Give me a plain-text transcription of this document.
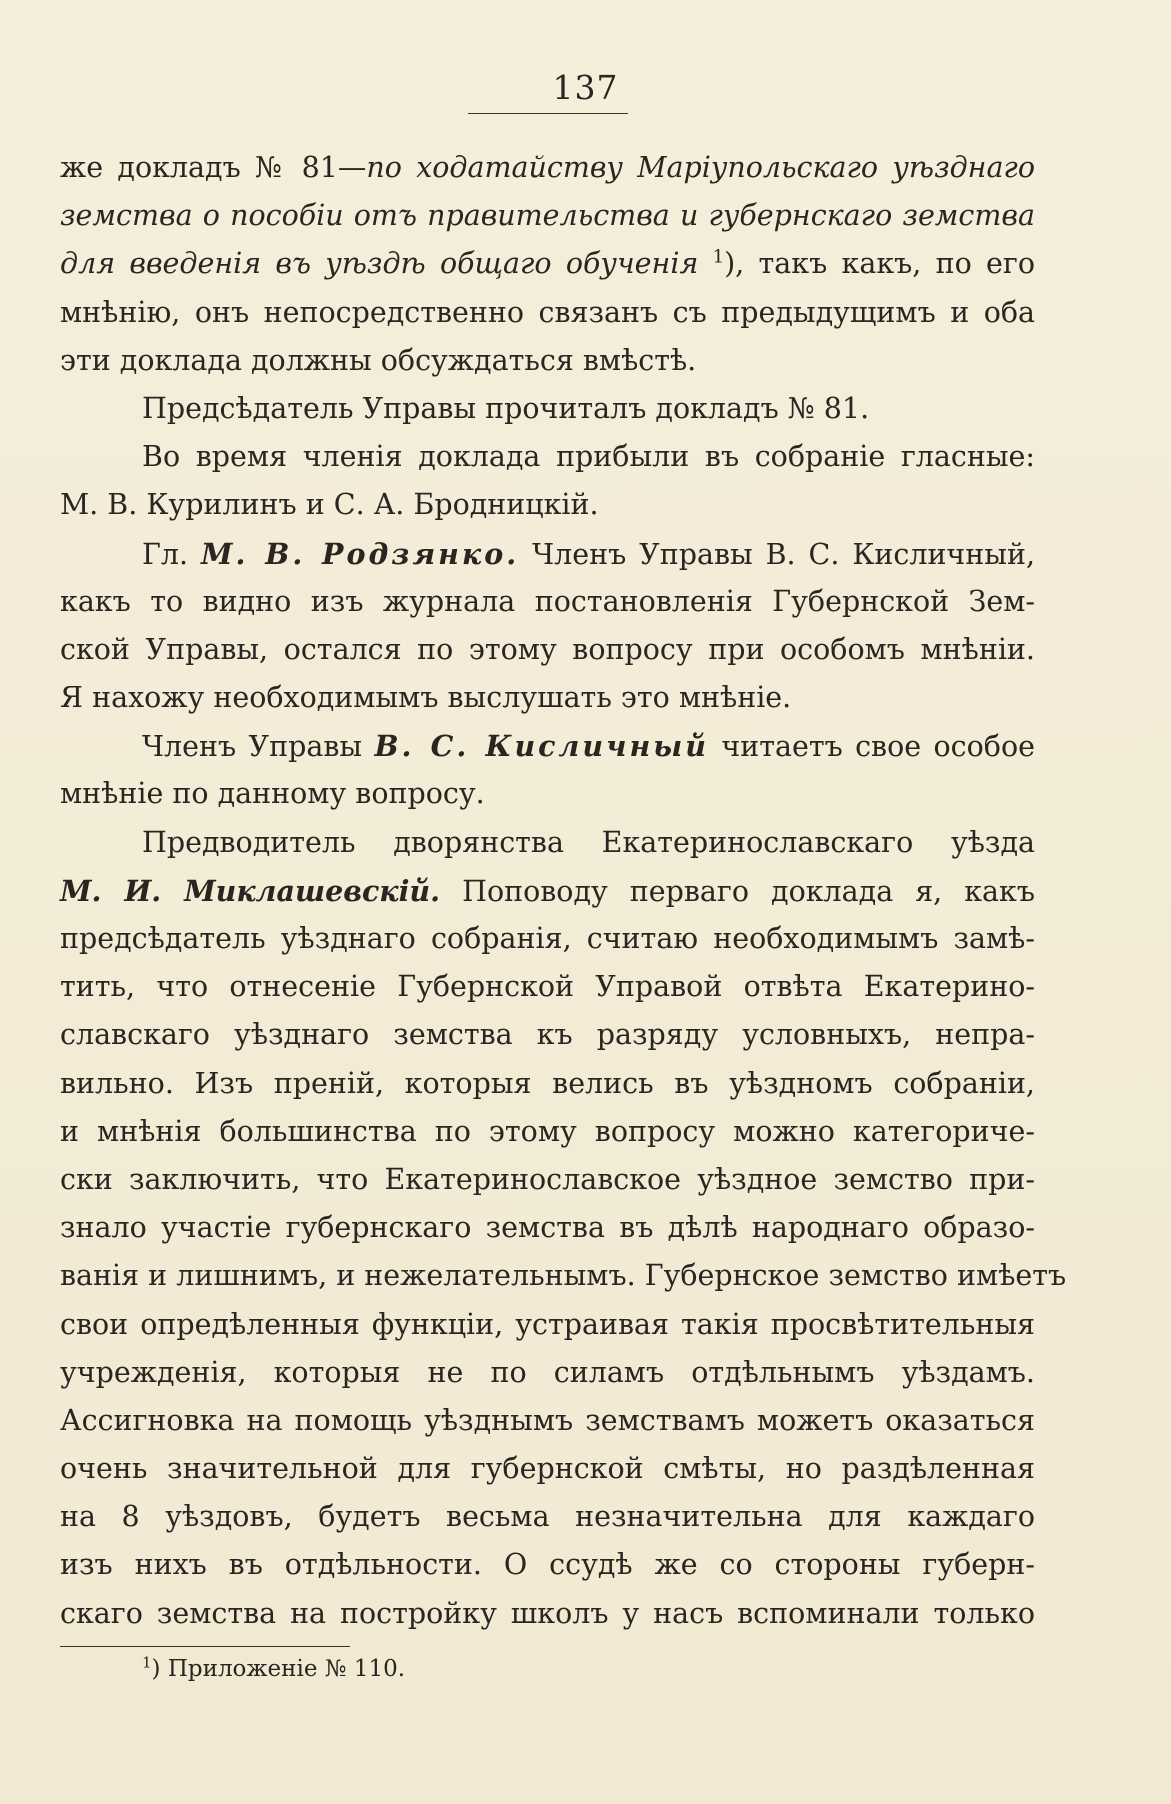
137
же докладъ № 81—по ходатайству Маріупольскаго уѣзднаго
земства о пособіи отъ правительства и губернскаго земства
для введенія въ уѣздѣ общаго обученія $^1$), такъ какъ, по его
мнѣнію, онъ непосредственно связанъ съ предыдущимъ и оба
эти доклада должны обсуждаться вмѣстѣ.
Предсѣдатель Управы прочиталъ докладъ № 81.
Во время членія доклада прибыли въ собраніе гласные:
М. В. Курилинъ и С. А. Бродницкій.
Гл. М. В. Родзянко. Членъ Управы В. С. Кисличный,
какъ то видно изъ журнала постановленія Губернской Зем-
ской Управы, остался по этому вопросу при особомъ мнѣніи.
Я нахожу необходимымъ выслушать это мнѣніе.
Членъ Управы В. С. Кисличный читаетъ свое особое
мнѣніе по данному вопросу.
Предводитель дворянства Екатеринославскаго уѣзда
М. И. Миклашевскій. Поповоду перваго доклада я, какъ
предсѣдатель уѣзднаго собранія, считаю необходимымъ замѣ-
тить, что отнесеніе Губернской Управой отвѣта Екатерино-
славскаго уѣзднаго земства къ разряду условныхъ, непра-
вильно. Изъ преній, которыя велись въ уѣздномъ собраніи,
и мнѣнія большинства по этому вопросу можно категориче-
ски заключить, что Екатеринославское уѣздное земство при-
знало участіе губернскаго земства въ дѣлѣ народнаго образо-
ванія и лишнимъ, и нежелательнымъ. Губернское земство имѣетъ
свои опредѣленныя функціи, устраивая такія просвѣтительныя
учрежденія, которыя не по силамъ отдѣльнымъ уѣздамъ.
Ассигновка на помощь уѣзднымъ земствамъ можетъ оказаться
очень значительной для губернской смѣты, но раздѣленная
на 8 уѣздовъ, будетъ весьма незначительна для каждаго
изъ нихъ въ отдѣльности. О ссудѣ же со стороны губерн-
скаго земства на постройку школъ у насъ вспоминали только
$^1$) Приложеніе № 110.
